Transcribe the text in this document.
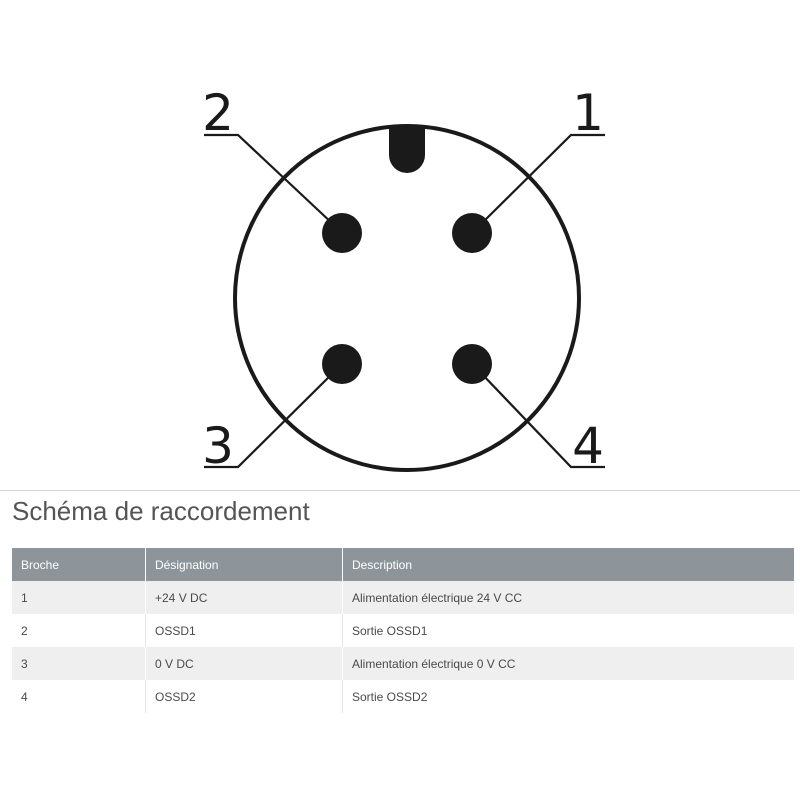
1
2
3	4
Schéma de raccordement
Broche	Désignation	Description
1	+24 V DC	Alimentation électrique 24 V CC
2	OSSD1	Sortie OSSD1
3	0 V DC	Alimentation électrique 0 V CC
4	OSSD2	Sortie OSSD2
